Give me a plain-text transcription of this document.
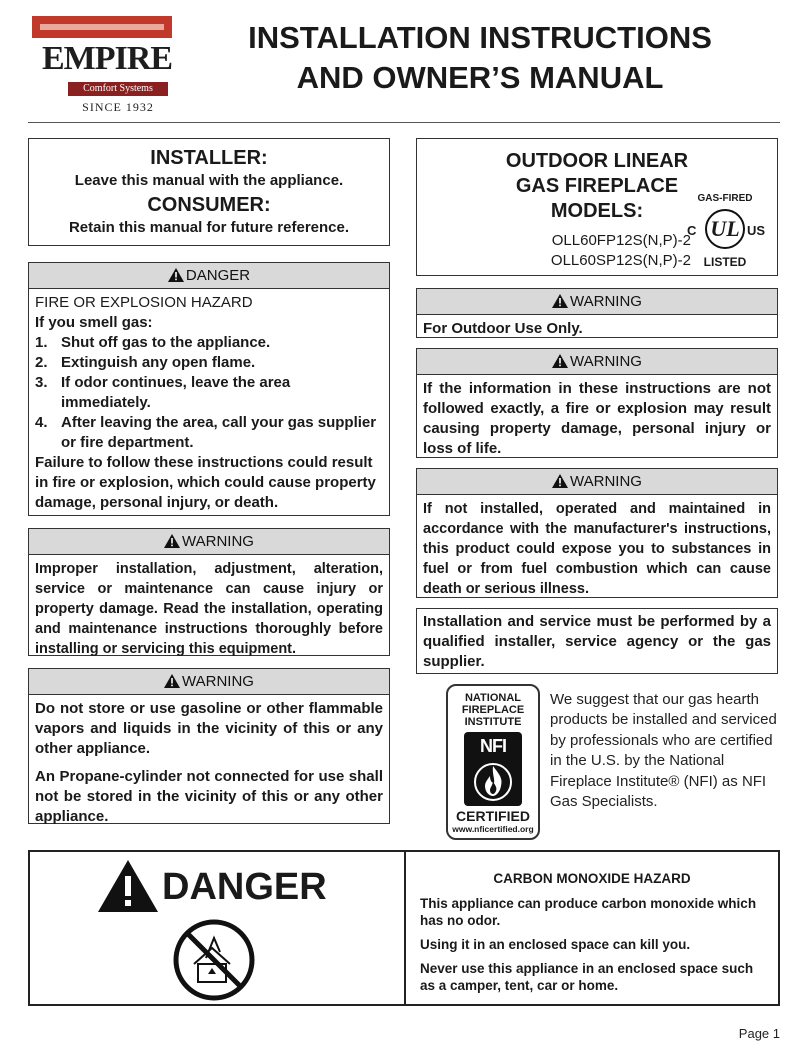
EMPIRE
Comfort Systems
SINCE 1932
INSTALLATION INSTRUCTIONS
AND OWNER’S MANUAL
INSTALLER:

Leave this manual with the appliance.

CONSUMER:

Retain this manual for future reference.

DANGER
FIRE OR EXPLOSION HAZARD
If you smell gas:
1. Shut off gas to the appliance.
2. Extinguish any open flame.
3. If odor continues, leave the area immediately.
4. After leaving the area, call your gas supplier or fire department.
Failure to follow these instructions could result in fire or explosion, which could cause property damage, personal injury, or death.
WARNING
Improper installation, adjustment, alteration, service or maintenance can cause injury or property damage. Read the installation, operating and maintenance instructions thoroughly before installing or servicing this equipment.
WARNING

Do not store or use gasoline or other flammable vapors and liquids in the vicinity of this or any other appliance.

An Propane-cylinder not connected for use shall not be stored in the vicinity of this or any other appliance.

OUTDOOR LINEAR
GAS FIREPLACE
MODELS:
OLL60FP12S(N,P)-2
OLL60SP12S(N,P)-2
GAS-FIRED
C UL US
LISTED
WARNING
For Outdoor Use Only.
WARNING
If the information in these instructions are not followed exactly, a fire or explosion may result causing property damage, personal injury or loss of life.
WARNING
If not installed, operated and maintained in accordance with the manufacturer's instructions, this product could expose you to substances in fuel or from fuel combustion which can cause death or serious illness.
Installation and service must be performed by a qualified installer, service agency or the gas supplier.
NATIONAL
FIREPLACE
INSTITUTE
NFI
CERTIFIED
www.nficertified.org
We suggest that our gas hearth products be installed and serviced by professionals who are certified in the U.S. by the National Fireplace Institute® (NFI) as NFI Gas Specialists.
DANGER	CARBON MONOXIDE HAZARD

This appliance can produce carbon monoxide which has no odor.

Using it in an enclosed space can kill you.

Never use this appliance in an enclosed space such as a camper, tent, car or home.

Page 1
